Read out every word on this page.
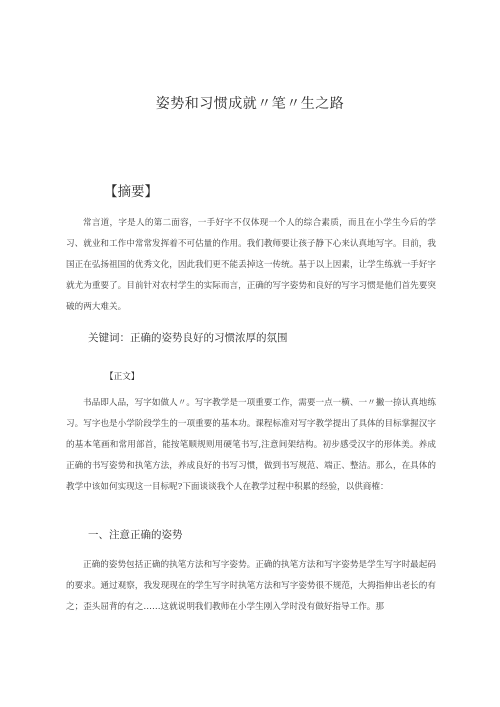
姿势和习惯成就〃笔〃生之路
【摘要】
常言道，字是人的第二面容，一手好字不仅体现一个人的综合素质，而且在小学生今后的学习、就业和工作中常常发挥着不可估量的作用。我们教师要让孩子静下心来认真地写字。目前，我国正在弘扬祖国的优秀文化，因此我们更不能丢掉这一传统。基于以上因素，让学生练就一手好字就尤为重要了。目前针对农村学生的实际而言，正确的写字姿势和良好的写字习惯是他们首先要突破的两大难关。
关键词：正确的姿势良好的习惯浓厚的氛围
【正文】
书品即人品，写字如做人〃。写字教学是一项重要工作，需要一点一横、一〃撇一捺认真地练习。写字也是小学阶段学生的一项重要的基本功。课程标准对写字教学提出了具体的目标掌握汉字的基本笔画和常用部首，能按笔顺规则用硬笔书写,注意间架结构。初步感受汉字的形体美。养成正确的书写姿势和执笔方法，养成良好的书写习惯，做到书写规范、端正、整洁。那么，在具体的教学中该如何实现这一目标呢?下面谈谈我个人在教学过程中积累的经验，以供商榷：
一、注意正确的姿势
正确的姿势包括正确的执笔方法和写字姿势。正确的执笔方法和写字姿势是学生写字时最起码的要求。通过观察，我发现现在的学生写字时执笔方法和写字姿势很不规范，大拇指伸出老长的有之；歪头屈背的有之……这就说明我们教师在小学生刚入学时没有做好指导工作。那
